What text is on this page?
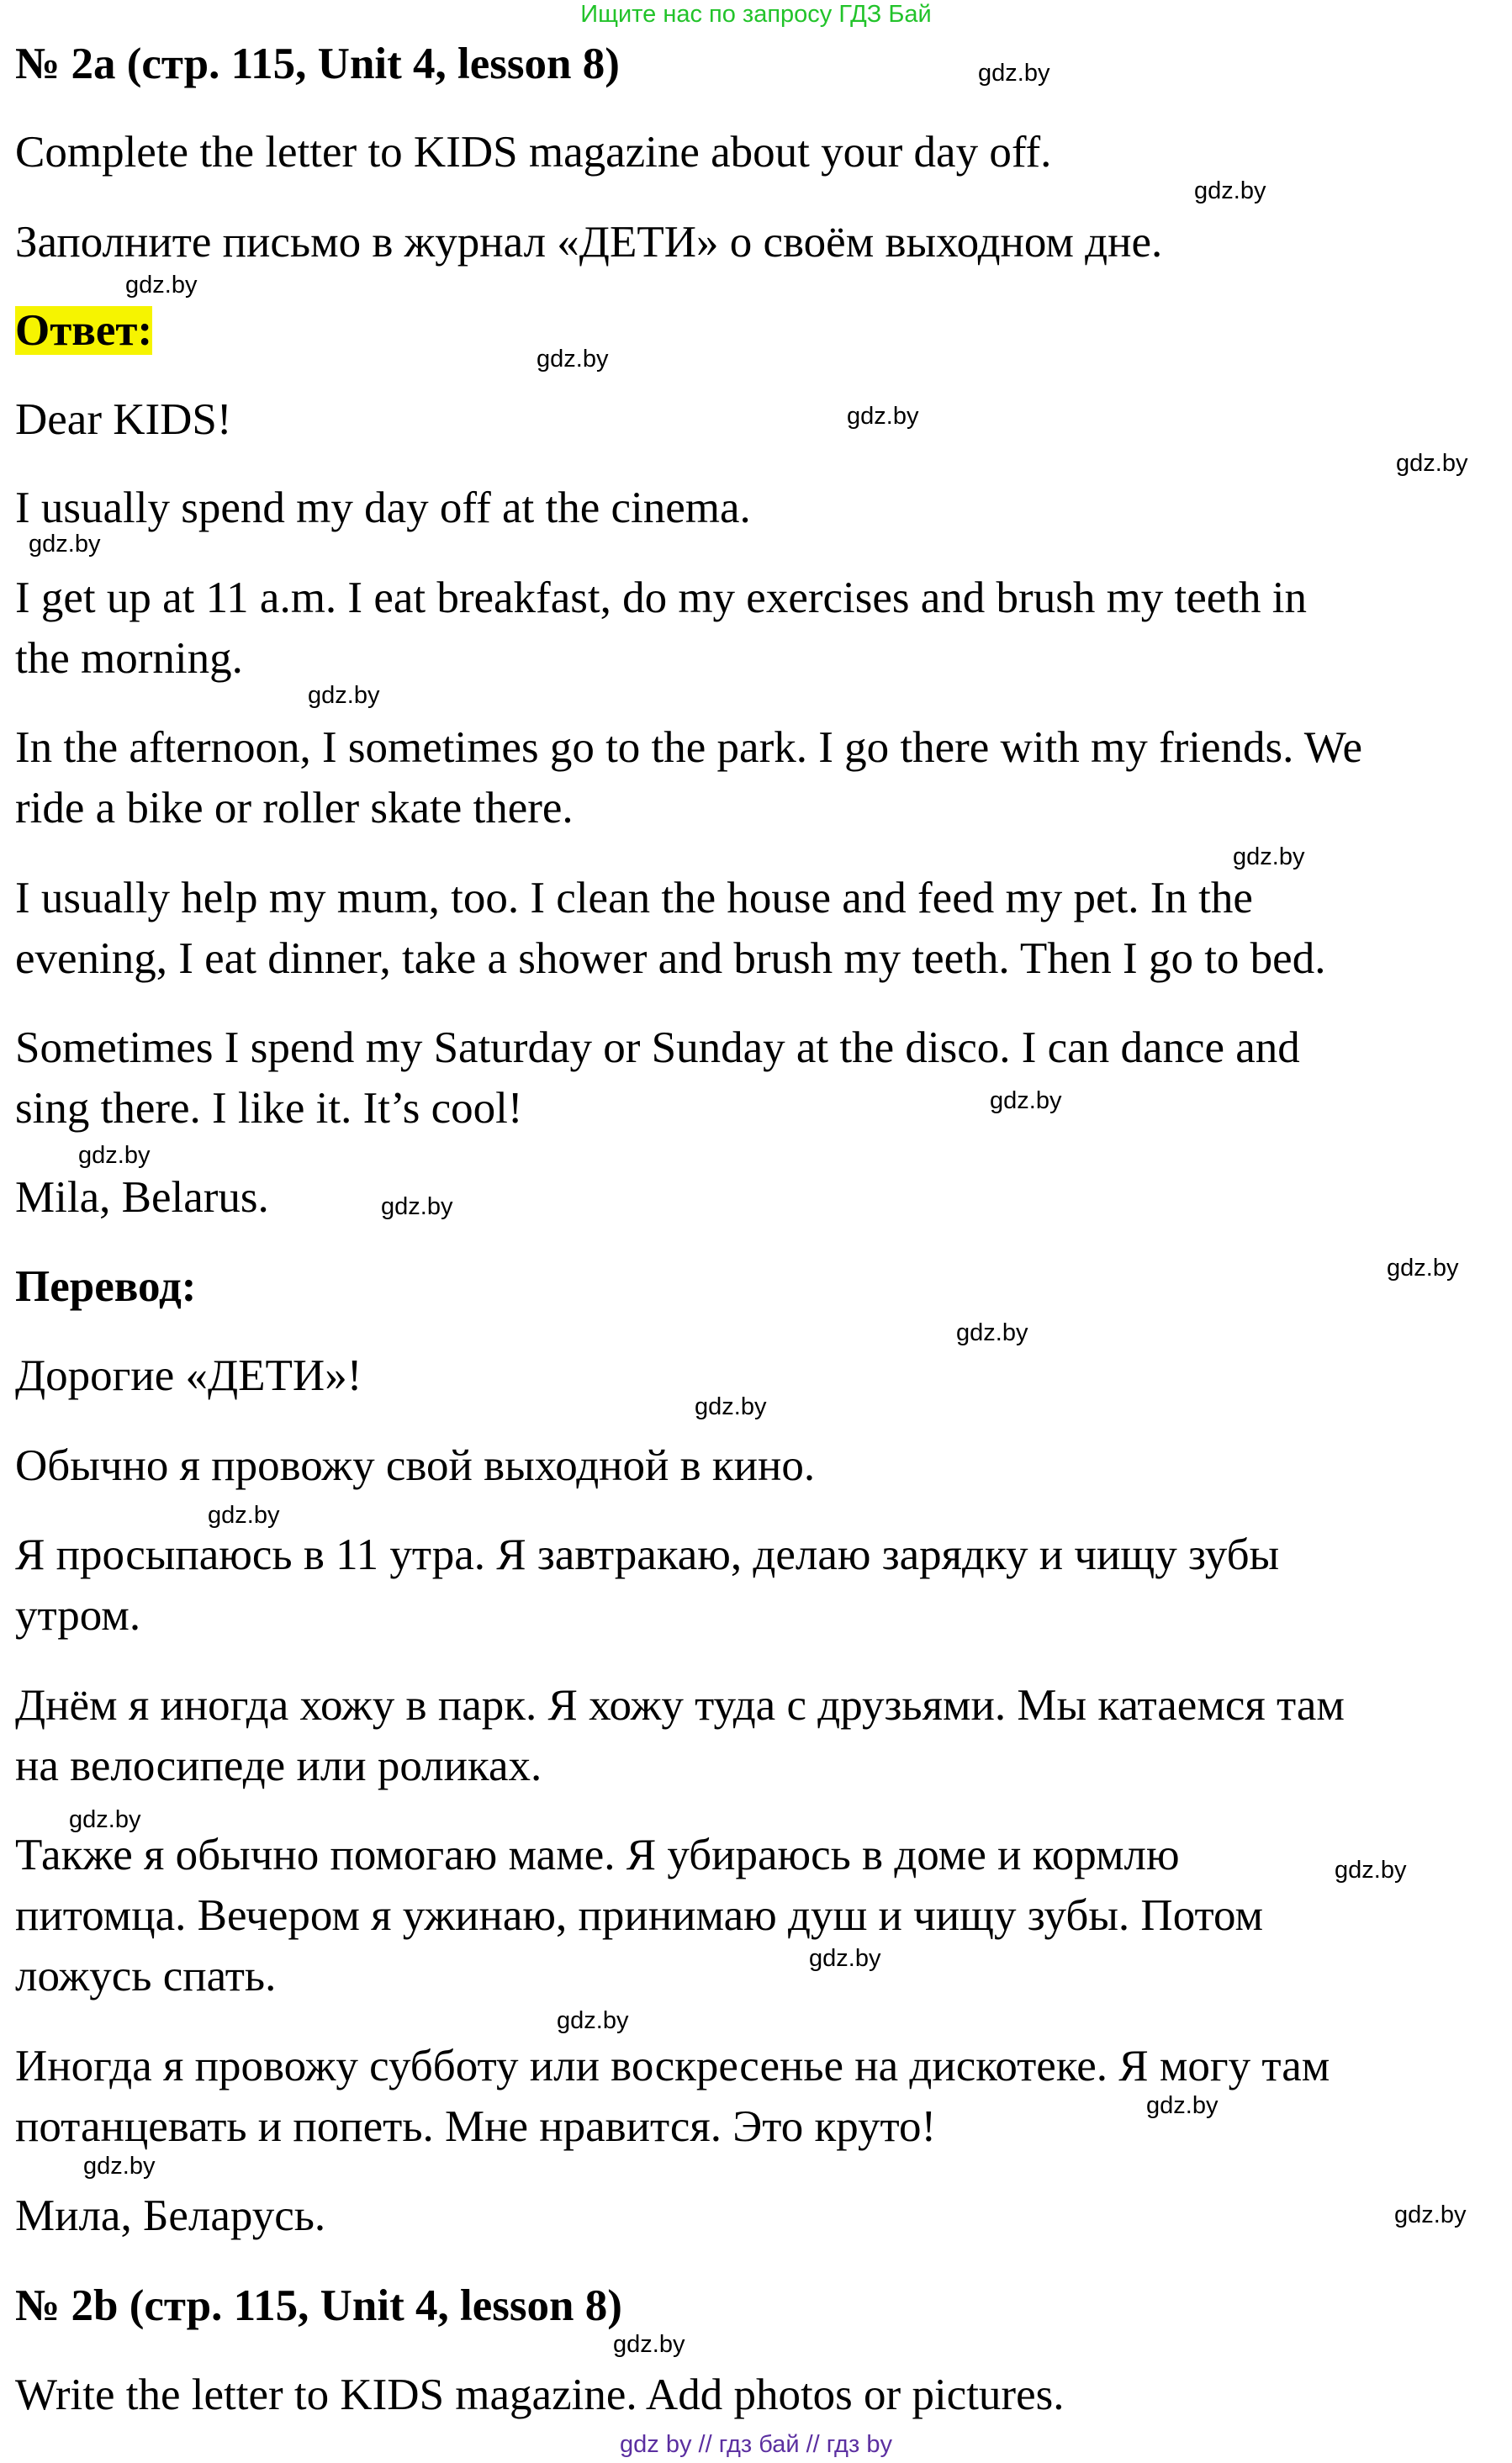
Ищите нас по запросу ГДЗ Бай
№ 2a (стр. 115, Unit 4, lesson 8)
Complete the letter to KIDS magazine about your day off.
Заполните письмо в журнал «ДЕТИ» о своём выходном дне.
Ответ:
Dear KIDS!
I usually spend my day off at the cinema.
I get up at 11 a.m. I eat breakfast, do my exercises and brush my teeth in
the morning.
In the afternoon, I sometimes go to the park. I go there with my friends. We
ride a bike or roller skate there.
I usually help my mum, too. I clean the house and feed my pet. In the
evening, I eat dinner, take a shower and brush my teeth. Then I go to bed.
Sometimes I spend my Saturday or Sunday at the disco. I can dance and
sing there. I like it. It’s cool!
Mila, Belarus.
Перевод:
Дорогие «ДЕТИ»!
Обычно я провожу свой выходной в кино.
Я просыпаюсь в 11 утра. Я завтракаю, делаю зарядку и чищу зубы
утром.
Днём я иногда хожу в парк. Я хожу туда с друзьями. Мы катаемся там
на велосипеде или роликах.
Также я обычно помогаю маме. Я убираюсь в доме и кормлю
питомца. Вечером я ужинаю, принимаю душ и чищу зубы. Потом
ложусь спать.
Иногда я провожу субботу или воскресенье на дискотеке. Я могу там
потанцевать и попеть. Мне нравится. Это круто!
Мила, Беларусь.
№ 2b (стр. 115, Unit 4, lesson 8)
Write the letter to KIDS magazine. Add photos or pictures.
gdz.by
gdz.by
gdz.by
gdz.by
gdz.by
gdz.by
gdz.by
gdz.by
gdz.by
gdz.by
gdz.by
gdz.by
gdz.by
gdz.by
gdz.by
gdz.by
gdz.by
gdz.by
gdz.by
gdz.by
gdz.by
gdz.by
gdz.by
gdz.by
gdz by // гдз бай // гдз by
